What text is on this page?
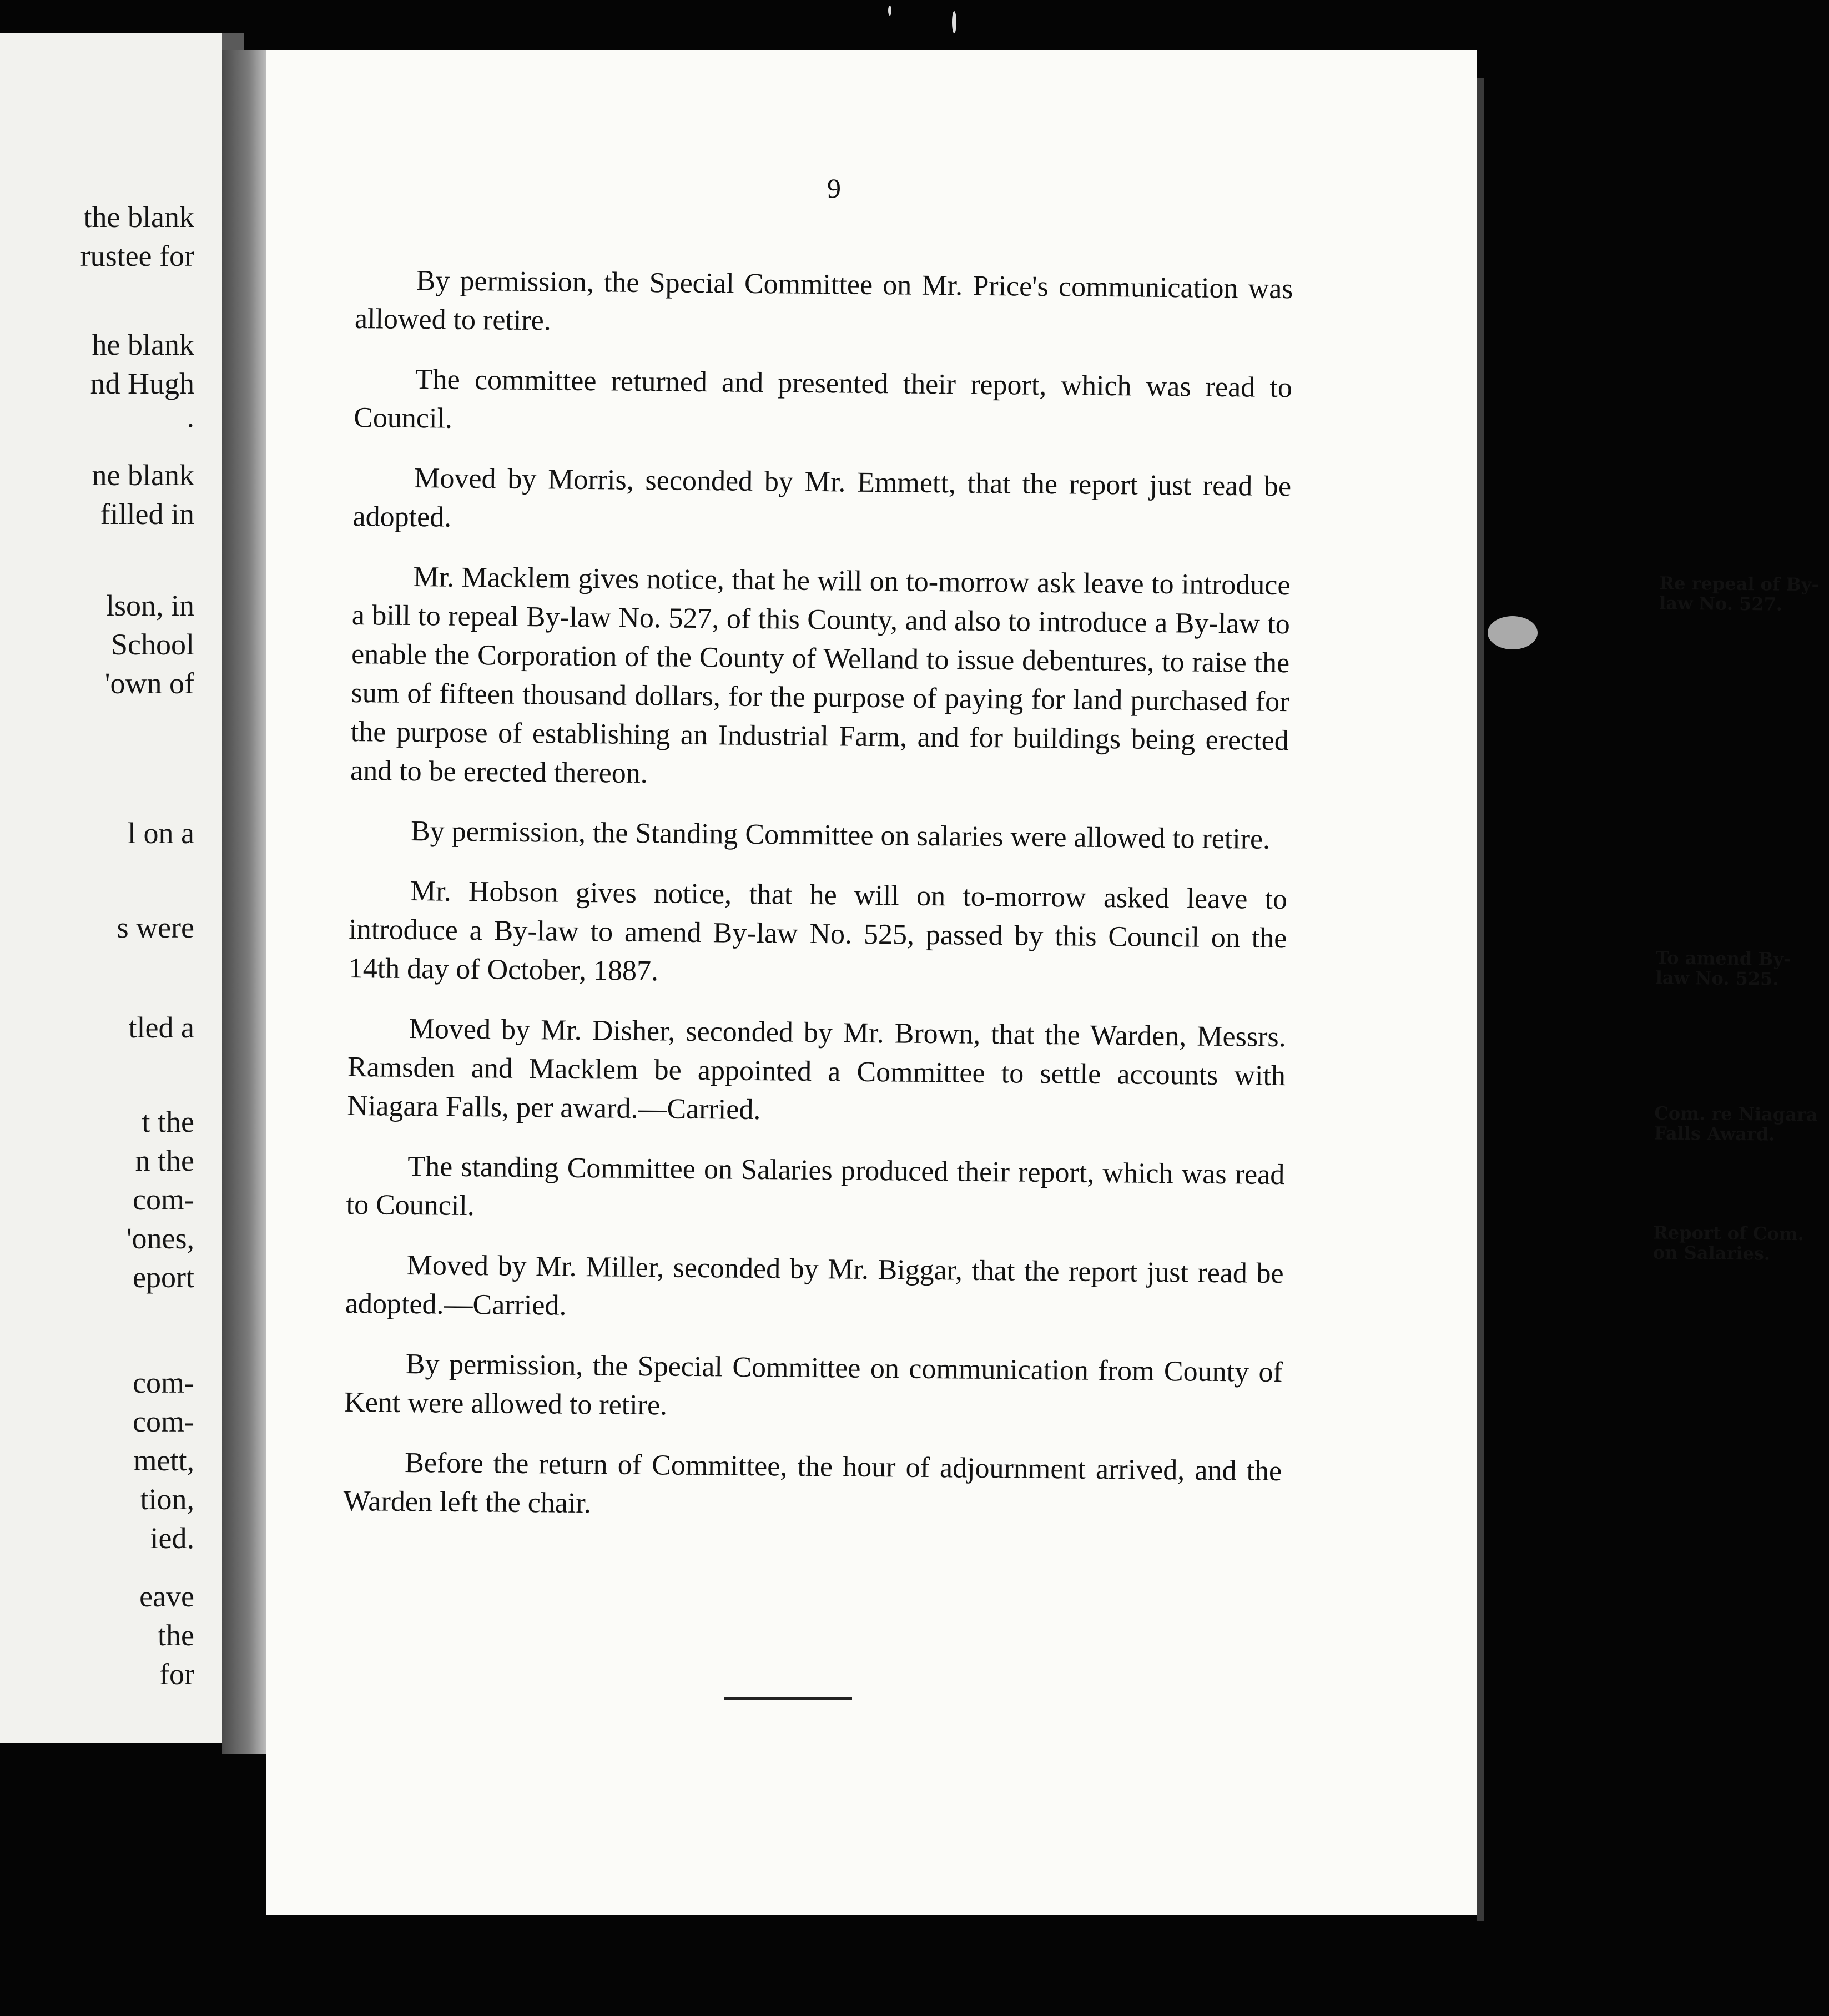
the blank
rustee for
he blank
nd Hugh
.
ne blank
filled in
lson, in
School
'own of
l on a
s were
tled a
t the
n the
com-
'ones,
eport
com-
com-
mett,
tion,
ied.
eave
the
for
9

By permission, the Special Committee on Mr. Price's communication was allowed to retire.

The committee returned and presented their report, which was read to Council.

Moved by Morris, seconded by Mr. Emmett, that the report just read be adopted.

Mr. Macklem gives notice, that he will on to-morrow ask leave to introduce a bill to repeal By-law No. 527, of this County, and also to introduce a By-law to enable the Corporation of the County of Welland to issue debentures, to raise the sum of fifteen thousand dollars, for the purpose of paying for land purchased for the purpose of establishing an Industrial Farm, and for buildings being erected and to be erected thereon.

By permission, the Standing Committee on salaries were allowed to retire.

Mr. Hobson gives notice, that he will on to-morrow asked leave to introduce a By-law to amend By-law No. 525, passed by this Council on the 14th day of October, 1887.

Moved by Mr. Disher, seconded by Mr. Brown, that the Warden, Messrs. Ramsden and Macklem be appointed a Committee to settle accounts with Niagara Falls, per award.—Carried.

The standing Committee on Salaries produced their report, which was read to Council.

Moved by Mr. Miller, seconded by Mr. Biggar, that the report just read be adopted.—Carried.

By permission, the Special Committee on communication from County of Kent were allowed to retire.

Before the return of Committee, the hour of adjournment arrived, and the Warden left the chair.

Re repeal of By-law No. 527.
To amend By-law No. 525.
Com. re Niagara Falls Award.
Report of Com. on Salaries.
